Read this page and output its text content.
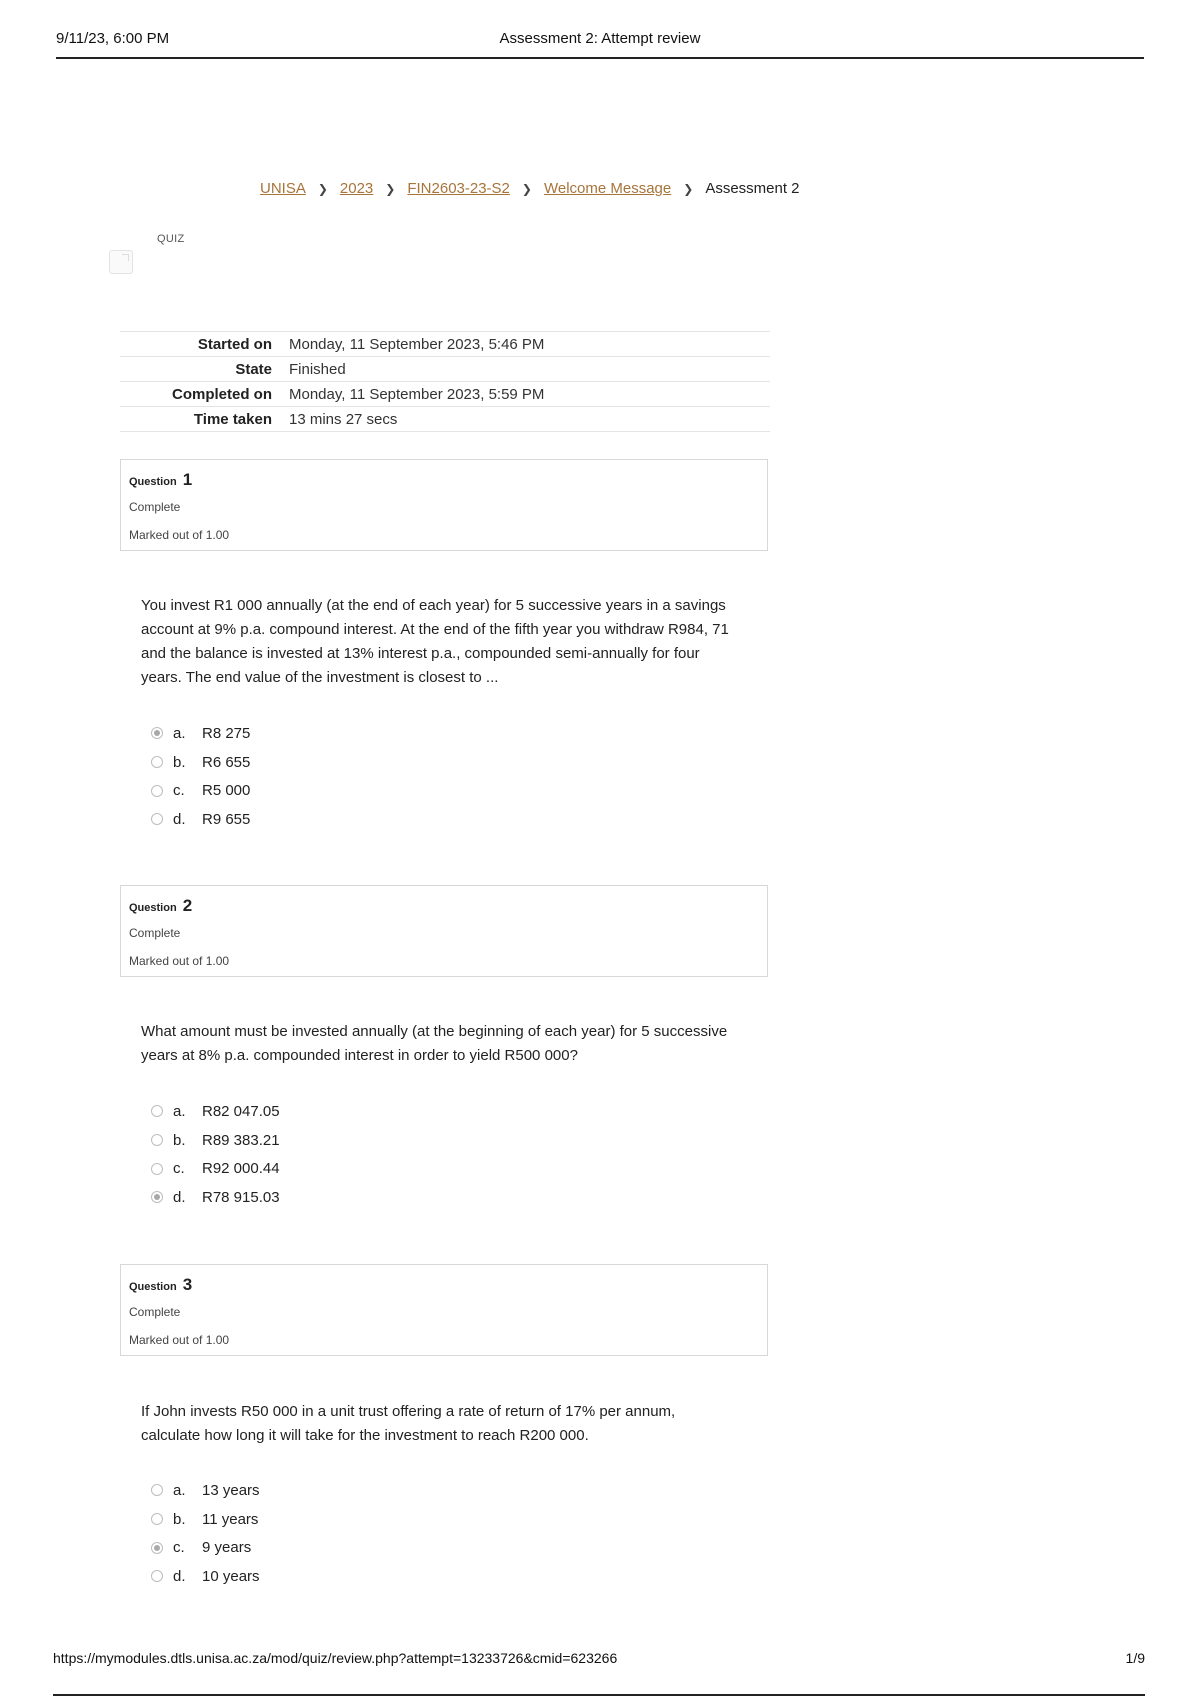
9/11/23, 6:00 PM	Assessment 2: Attempt review
UNISA ❯ 2023 ❯ FIN2603-23-S2 ❯ Welcome Message ❯ Assessment 2
QUIZ
Started on	Monday, 11 September 2023, 5:46 PM
State	Finished
Completed on	Monday, 11 September 2023, 5:59 PM
Time taken	13 mins 27 secs
Question 1
Complete
Marked out of 1.00
You invest R1 000 annually (at the end of each year) for 5 successive years in a savings account at 9% p.a. compound interest. At the end of the fifth year you withdraw R984, 71 and the balance is invested at 13% interest p.a., compounded semi-annually for four years. The end value of the investment is closest to ...
a.	R8 275
b.	R6 655
c.	R5 000
d.	R9 655
Question 2
Complete
Marked out of 1.00
What amount must be invested annually (at the beginning of each year) for 5 successive years at 8% p.a. compounded interest in order to yield R500 000?
a.	R82 047.05
b.	R89 383.21
c.	R92 000.44
d.	R78 915.03
Question 3
Complete
Marked out of 1.00
If John invests R50 000 in a unit trust offering a rate of return of 17% per annum, calculate how long it will take for the investment to reach R200 000.
a.	13 years
b.	11 years
c.	9 years
d.	10 years
https://mymodules.dtls.unisa.ac.za/mod/quiz/review.php?attempt=13233726&cmid=623266	1/9
